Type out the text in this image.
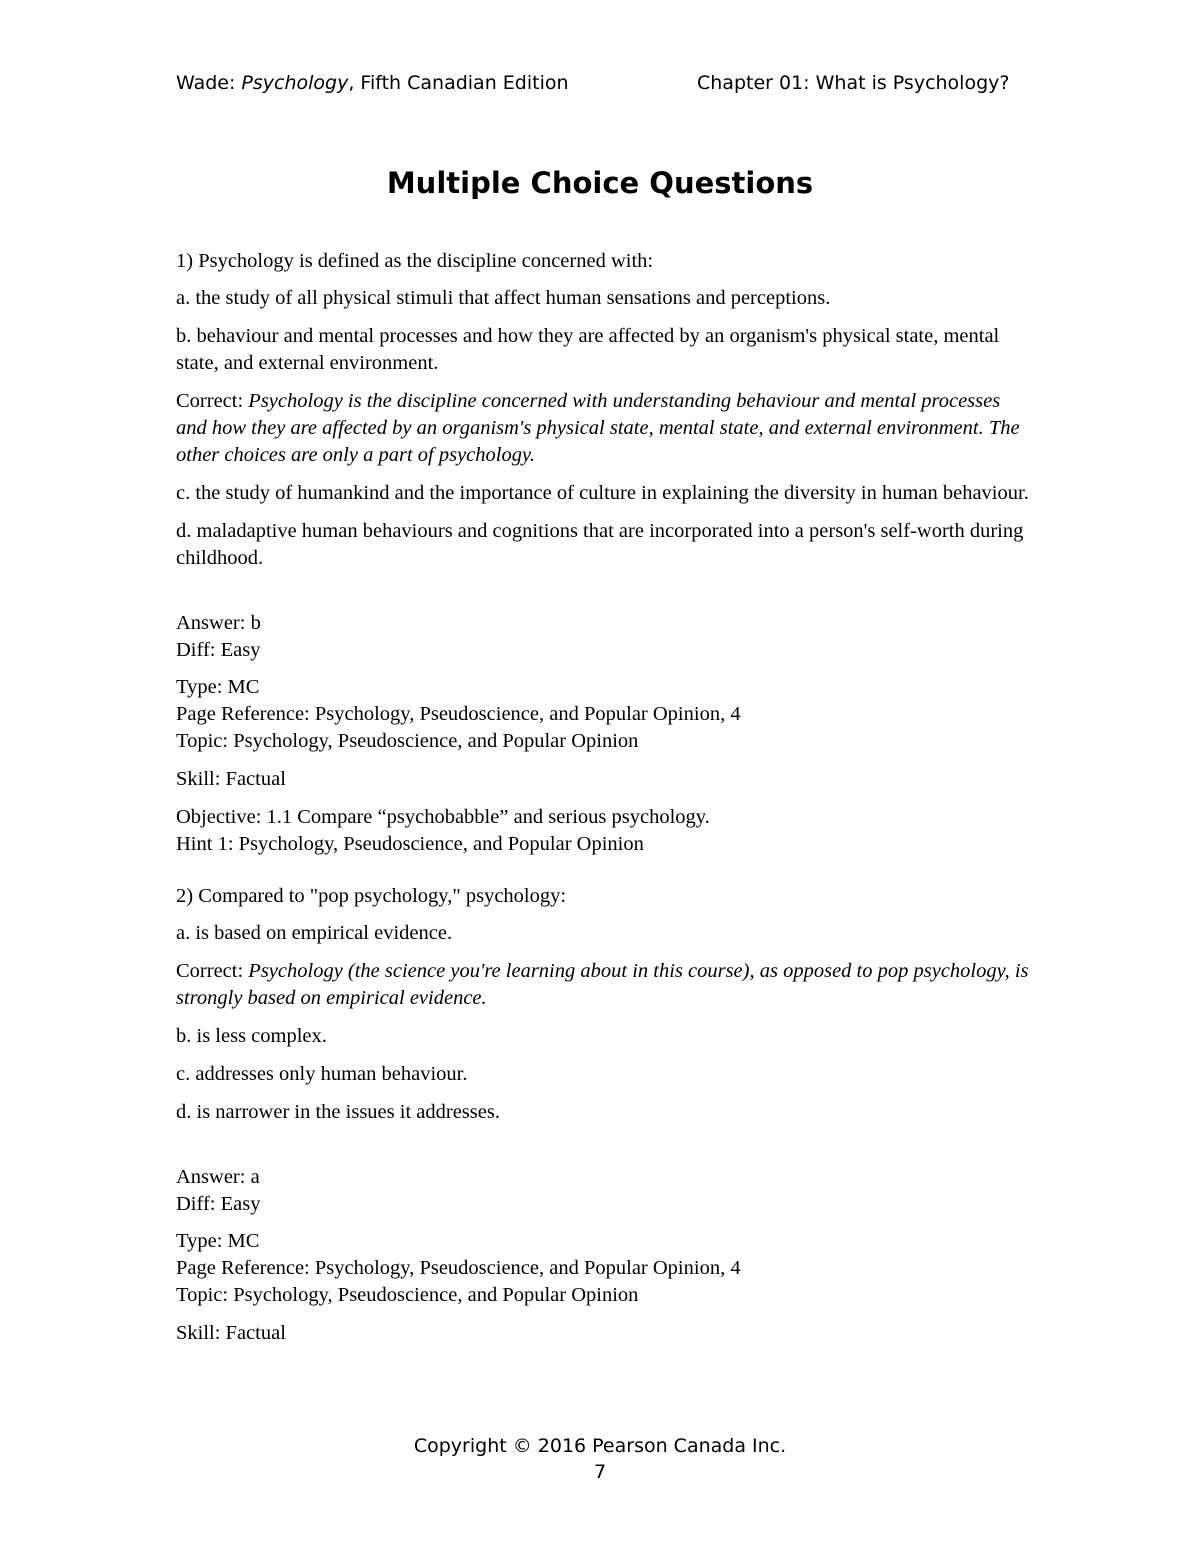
Wade: Psychology, Fifth Canadian Edition	Chapter 01: What is Psychology?
Multiple Choice Questions

1) Psychology is defined as the discipline concerned with:

a. the study of all physical stimuli that affect human sensations and perceptions.

b. behaviour and mental processes and how they are affected by an organism's physical state, mental state, and external environment.

Correct: Psychology is the discipline concerned with understanding behaviour and mental processes and how they are affected by an organism's physical state, mental state, and external environment. The other choices are only a part of psychology.

c. the study of humankind and the importance of culture in explaining the diversity in human behaviour.

d. maladaptive human behaviours and cognitions that are incorporated into a person's self-worth during childhood.

Answer: b

Diff: Easy

Type: MC

Page Reference: Psychology, Pseudoscience, and Popular Opinion, 4

Topic: Psychology, Pseudoscience, and Popular Opinion

Skill: Factual

Objective: 1.1 Compare “psychobabble” and serious psychology.

Hint 1: Psychology, Pseudoscience, and Popular Opinion

2) Compared to "pop psychology," psychology:

a. is based on empirical evidence.

Correct: Psychology (the science you're learning about in this course), as opposed to pop psychology, is strongly based on empirical evidence.

b. is less complex.

c. addresses only human behaviour.

d. is narrower in the issues it addresses.

Answer: a

Diff: Easy

Type: MC

Page Reference: Psychology, Pseudoscience, and Popular Opinion, 4

Topic: Psychology, Pseudoscience, and Popular Opinion

Skill: Factual

Copyright © 2016 Pearson Canada Inc.
7
